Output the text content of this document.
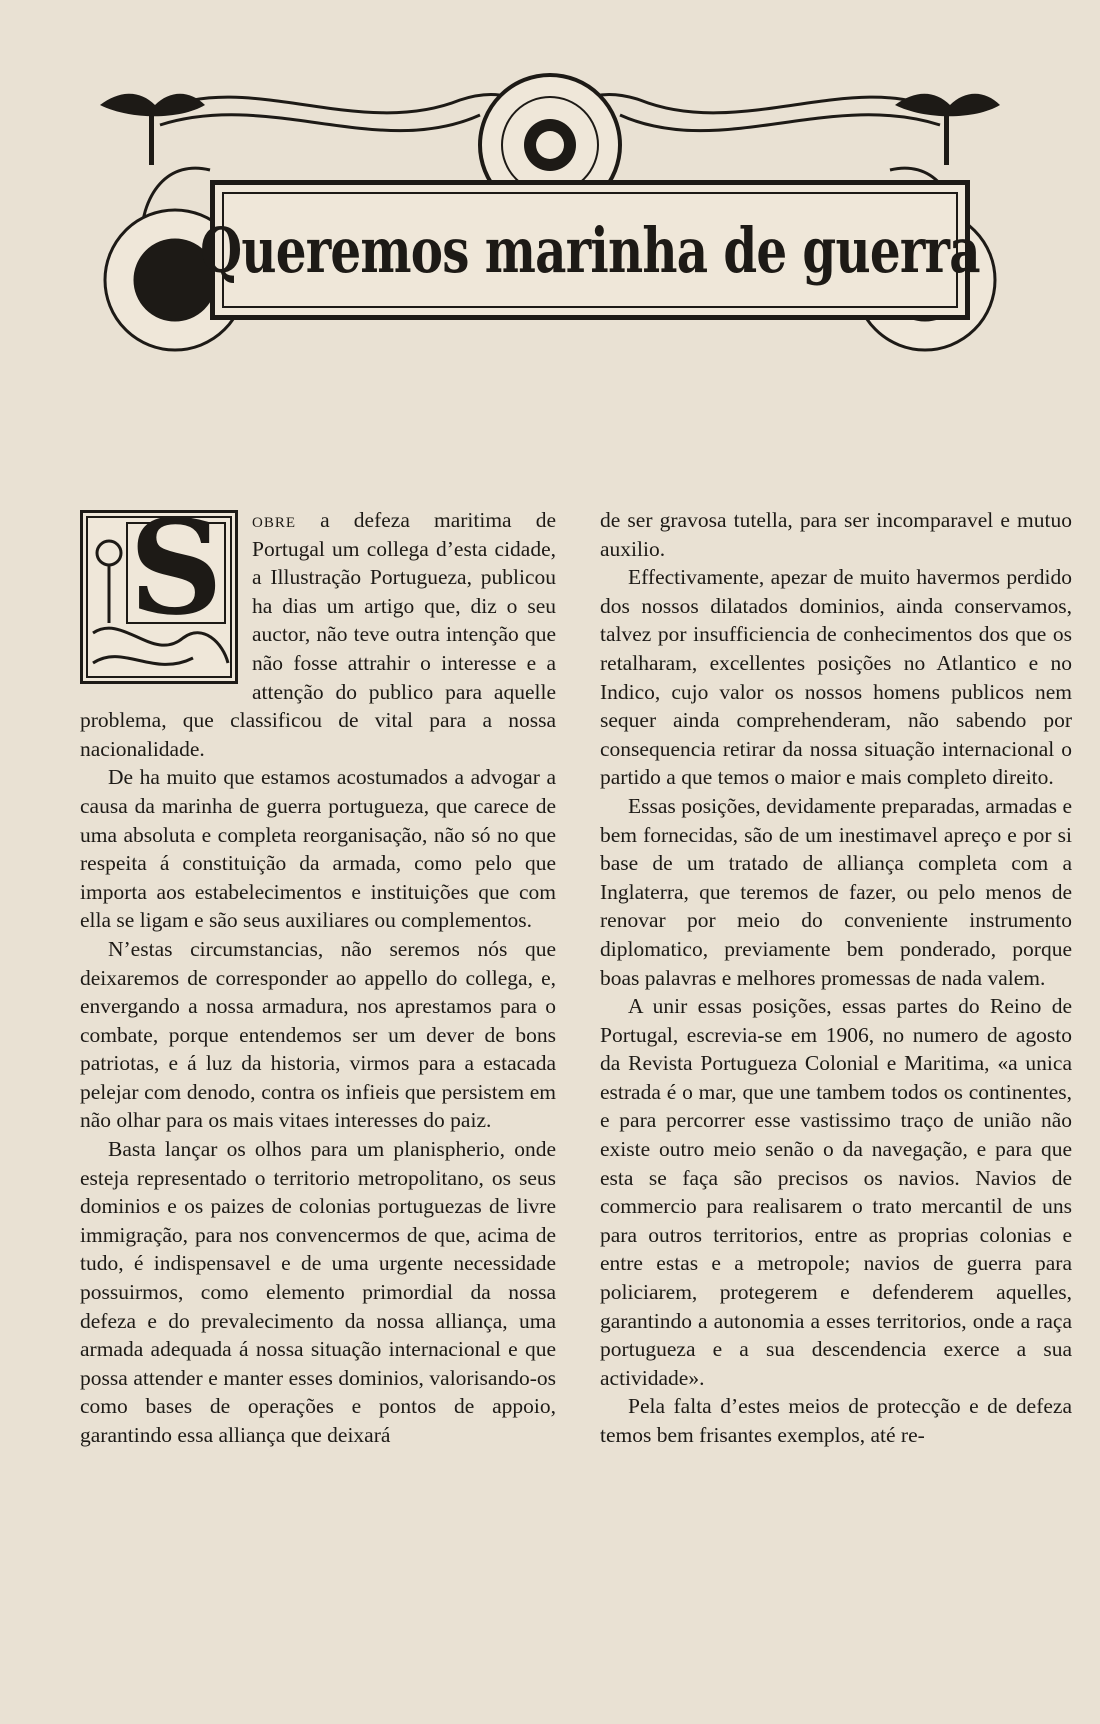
Queremos marinha de guerra
S	obre a defeza maritima de Portugal um collega d’esta cidade, a Illustração Portugueza, publicou ha dias um artigo que, diz o seu auctor, não teve outra intenção que não fosse attrahir o interesse e a attenção do publico para aquelle problema, que classificou de vital para a nossa nacionalidade.

De ha muito que estamos acostumados a advogar a causa da marinha de guerra portugueza, que carece de uma absoluta e completa reorganisação, não só no que respeita á constituição da armada, como pelo que importa aos estabelecimentos e instituições que com ella se ligam e são seus auxiliares ou complementos.

N’estas circumstancias, não seremos nós que deixaremos de corresponder ao appello do collega, e, envergando a nossa armadura, nos aprestamos para o combate, porque entendemos ser um dever de bons patriotas, e á luz da historia, virmos para a estacada pelejar com denodo, contra os infieis que persistem em não olhar para os mais vitaes interesses do paiz.

Basta lançar os olhos para um planispherio, onde esteja representado o territorio metropolitano, os seus dominios e os paizes de colonias portuguezas de livre immigração, para nos convencermos de que, acima de tudo, é indispensavel e de uma urgente necessidade possuirmos, como elemento primordial da nossa defeza e do prevalecimento da nossa alliança, uma armada adequada á nossa situação internacional e que possa attender e manter esses dominios, valorisando-os como bases de operações e pontos de appoio, garantindo essa alliança que deixará

de ser gravosa tutella, para ser incomparavel e mutuo auxilio.

Effectivamente, apezar de muito havermos perdido dos nossos dilatados dominios, ainda conservamos, talvez por insufficiencia de conhecimentos dos que os retalharam, excellentes posições no Atlantico e no Indico, cujo valor os nossos homens publicos nem sequer ainda comprehenderam, não sabendo por consequencia retirar da nossa situação internacional o partido a que temos o maior e mais completo direito.

Essas posições, devidamente preparadas, armadas e bem fornecidas, são de um inestimavel apreço e por si base de um tratado de alliança completa com a Inglaterra, que teremos de fazer, ou pelo menos de renovar por meio do conveniente instrumento diplomatico, previamente bem ponderado, porque boas palavras e melhores promessas de nada valem.

A unir essas posições, essas partes do Reino de Portugal, escrevia-se em 1906, no numero de agosto da Revista Portugueza Colonial e Maritima, «a unica estrada é o mar, que une tambem todos os continentes, e para percorrer esse vastissimo traço de união não existe outro meio senão o da navegação, e para que esta se faça são precisos os navios. Navios de commercio para realisarem o trato mercantil de uns para outros territorios, entre as proprias colonias e entre estas e a metropole; navios de guerra para policiarem, protegerem e defenderem aquelles, garantindo a autonomia a esses territorios, onde a raça portugueza e a sua descendencia exerce a sua actividade».

Pela falta d’estes meios de protecção e de defeza temos bem frisantes exemplos, até re-
